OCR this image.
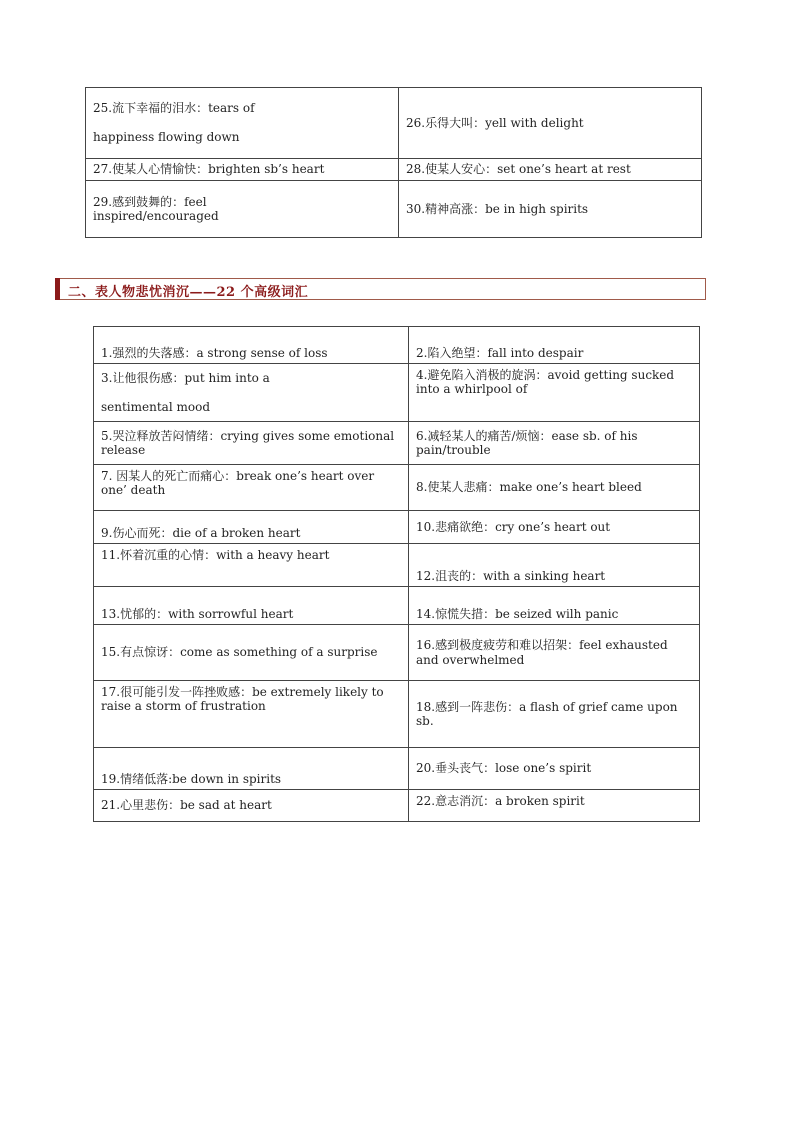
25.流下幸福的泪水：tears of

happiness flowing down	26.乐得大叫：yell with delight
27.使某人心情愉快：brighten sb’s heart	28.使某人安心：set one’s heart at rest
29.感到鼓舞的：feel
inspired/encouraged	30.精神高涨：be in high spirits
二、表人物悲忧消沉——22 个高级词汇
1.强烈的失落感：a strong sense of loss	2.陷入绝望：fall into despair
3.让他很伤感：put him into a

sentimental mood	4.避免陷入消极的旋涡：avoid getting sucked into a whirlpool of
5.哭泣释放苦闷情绪：crying gives some emotional release	6.减轻某人的痛苦/烦恼：ease sb. of his pain/trouble
7. 因某人的死亡而痛心：break one’s heart over one’ death	8.使某人悲痛：make one’s heart bleed
9.伤心而死：die of a broken heart	10.悲痛欲绝：cry one’s heart out
11.怀着沉重的心情：with a heavy heart	12.沮丧的：with a sinking heart
13.忧郁的：with sorrowful heart	14.惊慌失措：be seized wilh panic
15.有点惊讶：come as something of a surprise	16.感到极度疲劳和难以招架：feel exhausted and overwhelmed
17.很可能引发一阵挫败感：be extremely likely to raise a storm of frustration	18.感到一阵悲伤：a flash of grief came upon sb.
19.情绪低落:be down in spirits	20.垂头丧气：lose one’s spirit
21.心里悲伤：be sad at heart	22.意志消沉：a broken spirit
